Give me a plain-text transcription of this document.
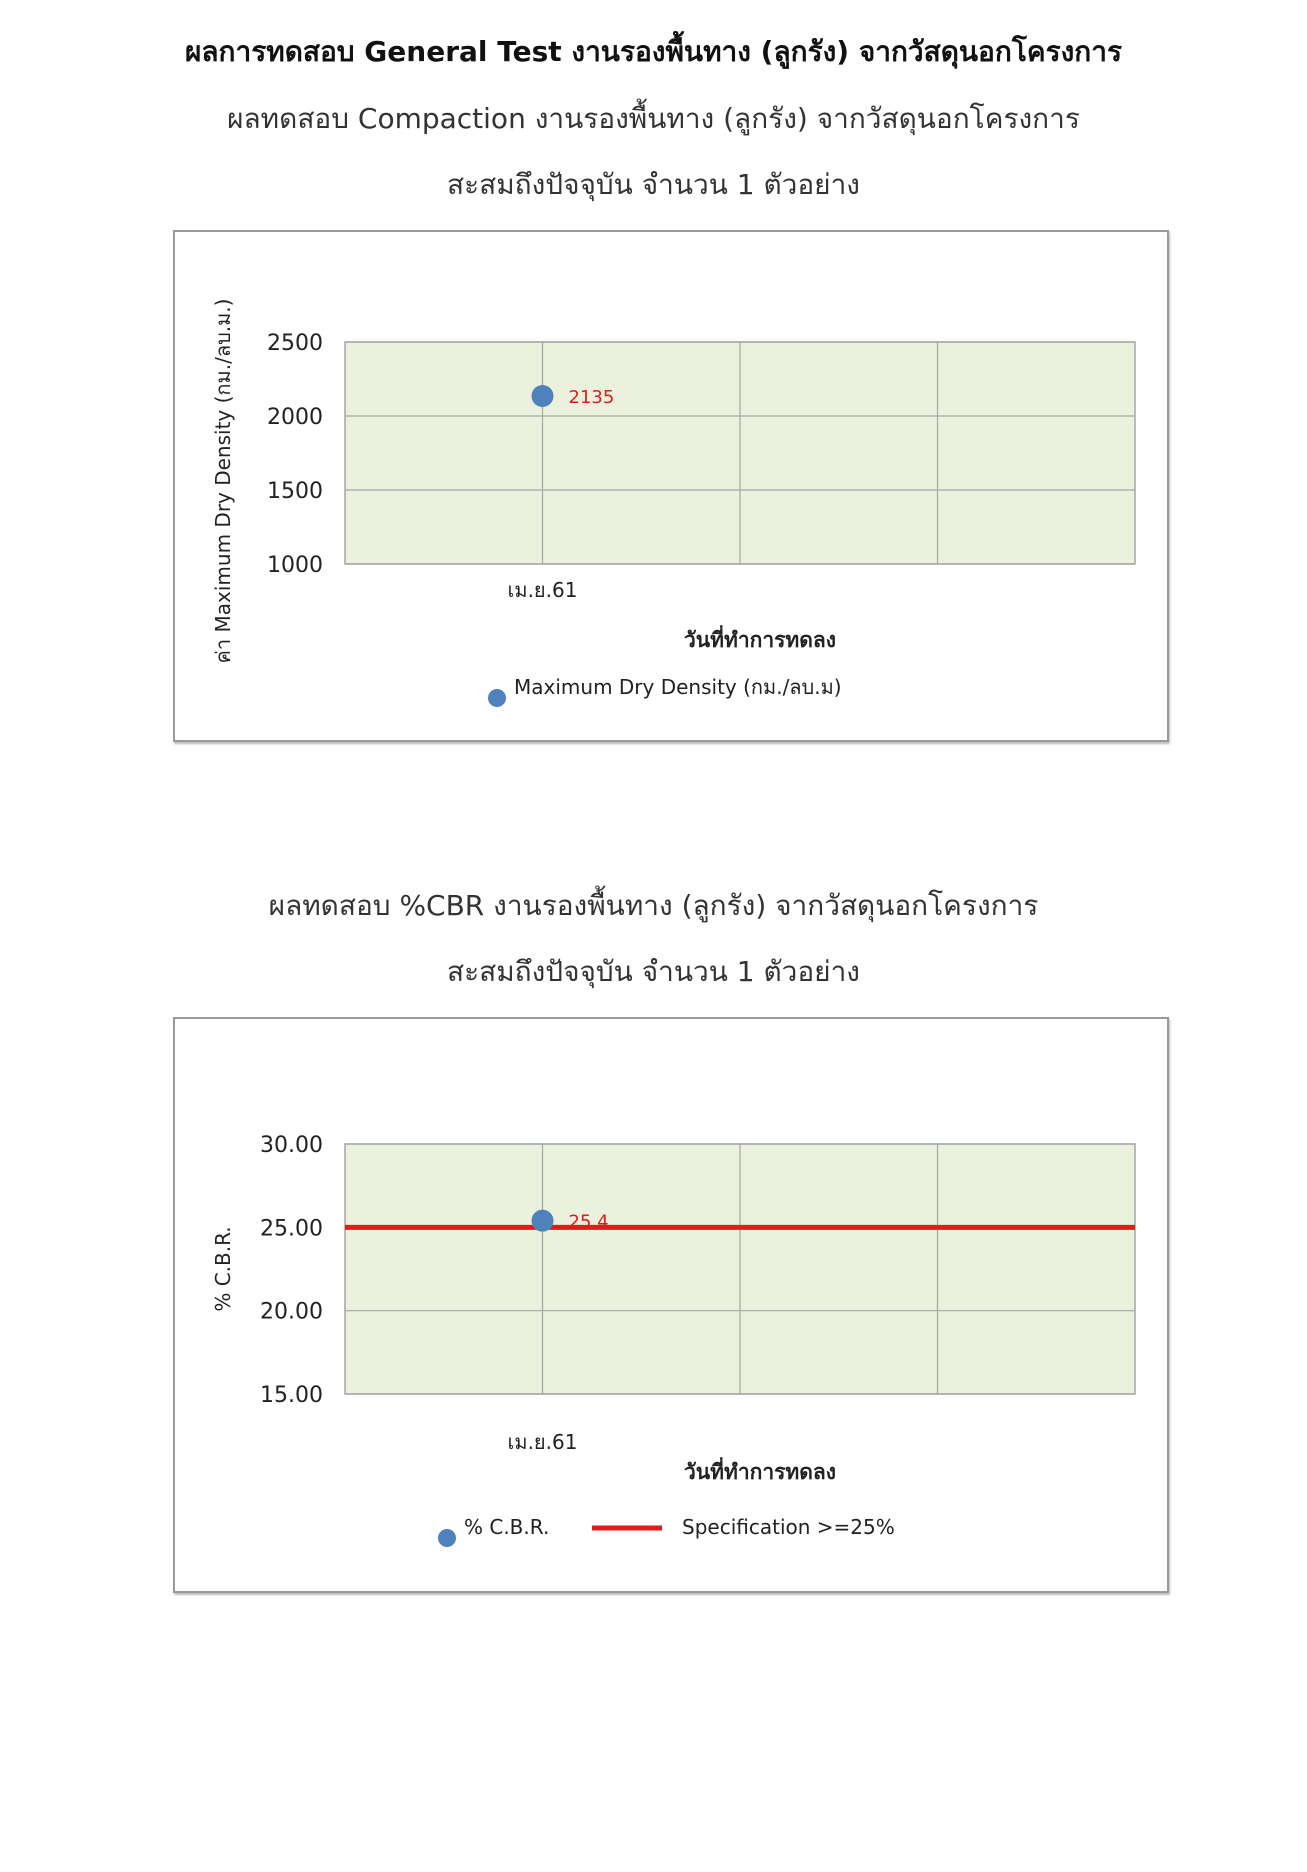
ผลการทดสอบ General Test งานรองพื้นทาง (ลูกรัง) จากวัสดุนอกโครงการ
ผลทดสอบ Compaction งานรองพื้นทาง (ลูกรัง) จากวัสดุนอกโครงการ
สะสมถึงปัจจุบัน จำนวน 1 ตัวอย่าง
1000
1500
2000
2500
เม.ย.61
วันที่ทำการทดลง
ค่า Maximum Dry Density (กม./ลบ.ม.)	2135
Maximum Dry Density (กม./ลบ.ม)
ผลทดสอบ %CBR งานรองพื้นทาง (ลูกรัง) จากวัสดุนอกโครงการ
สะสมถึงปัจจุบัน จำนวน 1 ตัวอย่าง
15.00
20.00
25.00
30.00
เม.ย.61
วันที่ทำการทดลง
% C.B.R.
25.4
% C.B.R.	Specification >=25%
